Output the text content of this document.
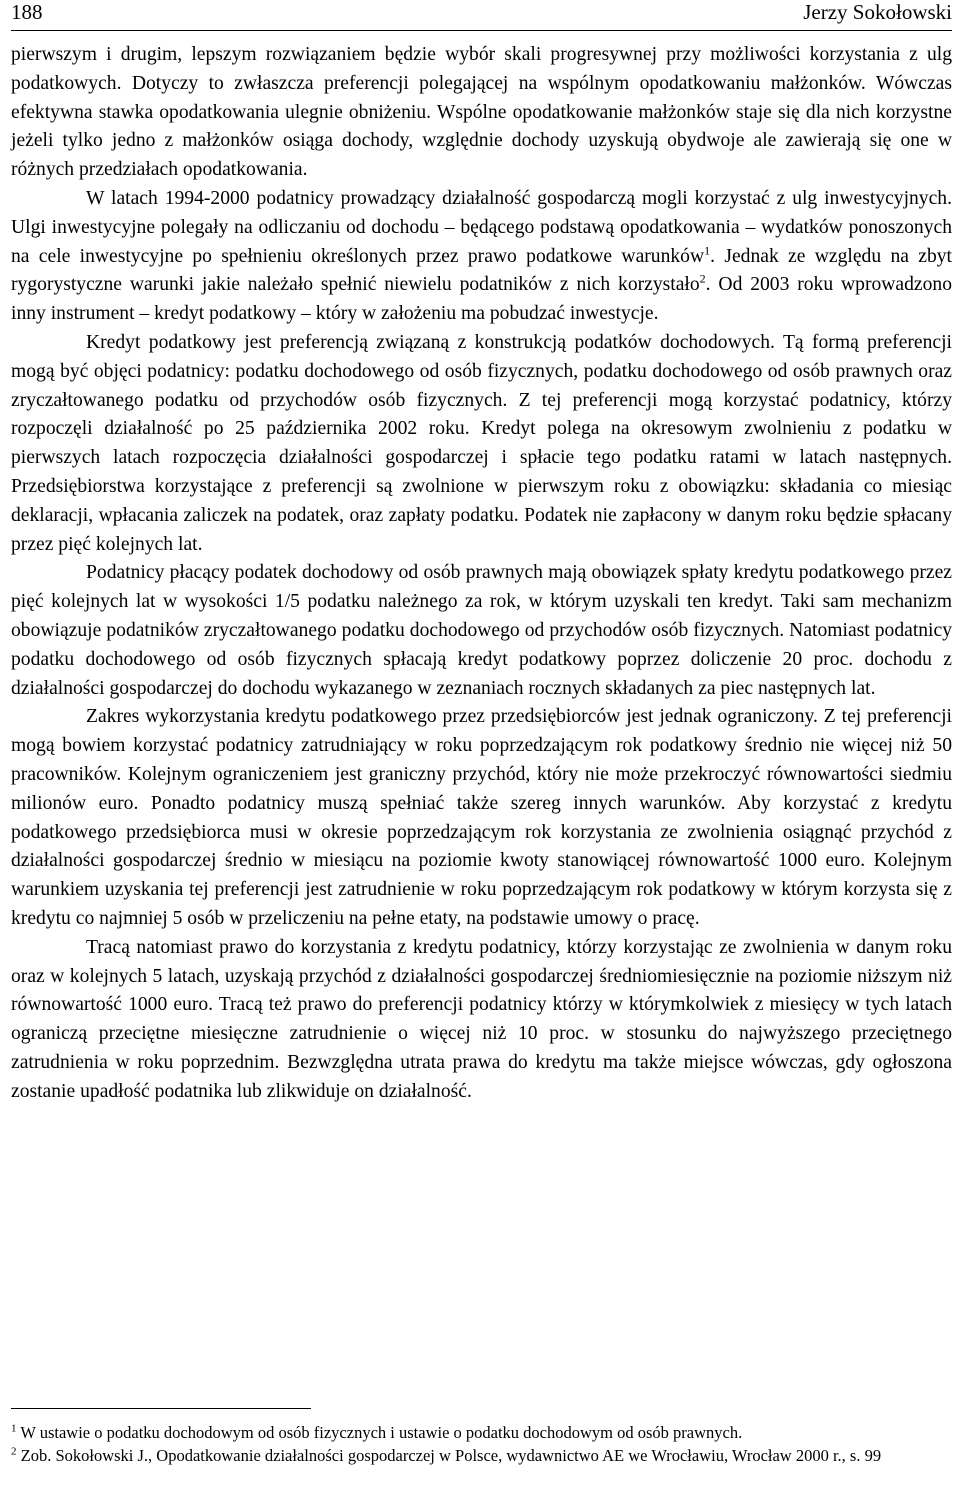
188	Jerzy Sokołowski

pierwszym i drugim, lepszym rozwiązaniem będzie wybór skali progresywnej przy możliwości korzystania z ulg podatkowych. Dotyczy to zwłaszcza preferencji polegającej na wspólnym opodatkowaniu małżonków. Wówczas efektywna stawka opodatkowania ulegnie obniżeniu. Wspólne opodatkowanie małżonków staje się dla nich korzystne jeżeli tylko jedno z małżonków osiąga dochody, względnie dochody uzyskują obydwoje ale zawierają się one w różnych przedziałach opodatkowania.

W latach 1994-2000 podatnicy prowadzący działalność gospodarczą mogli korzystać z ulg inwestycyjnych. Ulgi inwestycyjne polegały na odliczaniu od dochodu – będącego podstawą opodatkowania – wydatków ponoszonych na cele inwestycyjne po spełnieniu określonych przez prawo podatkowe warunków$^1$. Jednak ze względu na zbyt rygorystyczne warunki jakie należało spełnić niewielu podatników z nich korzystało$^2$. Od 2003 roku wprowadzono inny instrument – kredyt podatkowy – który w założeniu ma pobudzać inwestycje.

Kredyt podatkowy jest preferencją związaną z konstrukcją podatków dochodowych. Tą formą preferencji mogą być objęci podatnicy: podatku dochodowego od osób fizycznych, podatku dochodowego od osób prawnych oraz zryczałtowanego podatku od przychodów osób fizycznych. Z tej preferencji mogą korzystać podatnicy, którzy rozpoczęli działalność po 25 października 2002 roku. Kredyt polega na okresowym zwolnieniu z podatku w pierwszych latach rozpoczęcia działalności gospodarczej i spłacie tego podatku ratami w latach następnych. Przedsiębiorstwa korzystające z preferencji są zwolnione w pierwszym roku z obowiązku: składania co miesiąc deklaracji, wpłacania zaliczek na podatek, oraz zapłaty podatku. Podatek nie zapłacony w danym roku będzie spłacany przez pięć kolejnych lat.

Podatnicy płacący podatek dochodowy od osób prawnych mają obowiązek spłaty kredytu podatkowego przez pięć kolejnych lat w wysokości 1/5 podatku należnego za rok, w którym uzyskali ten kredyt. Taki sam mechanizm obowiązuje podatników zryczałtowanego podatku dochodowego od przychodów osób fizycznych. Natomiast podatnicy podatku dochodowego od osób fizycznych spłacają kredyt podatkowy poprzez doliczenie 20 proc. dochodu z działalności gospodarczej do dochodu wykazanego w zeznaniach rocznych składanych za piec następnych lat.

Zakres wykorzystania kredytu podatkowego przez przedsiębiorców jest jednak ograniczony. Z tej preferencji mogą bowiem korzystać podatnicy zatrudniający w roku poprzedzającym rok podatkowy średnio nie więcej niż 50 pracowników. Kolejnym ograniczeniem jest graniczny przychód, który nie może przekroczyć równowartości siedmiu milionów euro. Ponadto podatnicy muszą spełniać także szereg innych warunków. Aby korzystać z kredytu podatkowego przedsiębiorca musi w okresie poprzedzającym rok korzystania ze zwolnienia osiągnąć przychód z działalności gospodarczej średnio w miesiącu na poziomie kwoty stanowiącej równowartość 1000 euro. Kolejnym warunkiem uzyskania tej preferencji jest zatrudnienie w roku poprzedzającym rok podatkowy w którym korzysta się z kredytu co najmniej 5 osób w przeliczeniu na pełne etaty, na podstawie umowy o pracę.

Tracą natomiast prawo do korzystania z kredytu podatnicy, którzy korzystając ze zwolnienia w danym roku oraz w kolejnych 5 latach, uzyskają przychód z działalności gospodarczej średniomiesięcznie na poziomie niższym niż równowartość 1000 euro. Tracą też prawo do preferencji podatnicy którzy w którymkolwiek z miesięcy w tych latach ograniczą przeciętne miesięczne zatrudnienie o więcej niż 10 proc. w stosunku do najwyższego przeciętnego zatrudnienia w roku poprzednim. Bezwzględna utrata prawa do kredytu ma także miejsce wówczas, gdy ogłoszona zostanie upadłość podatnika lub zlikwiduje on działalność.

$^1$ W ustawie o podatku dochodowym od osób fizycznych i ustawie o podatku dochodowym od osób prawnych.

$^2$ Zob. Sokołowski J., Opodatkowanie działalności gospodarczej w Polsce, wydawnictwo AE we Wrocławiu, Wrocław 2000 r., s. 99
